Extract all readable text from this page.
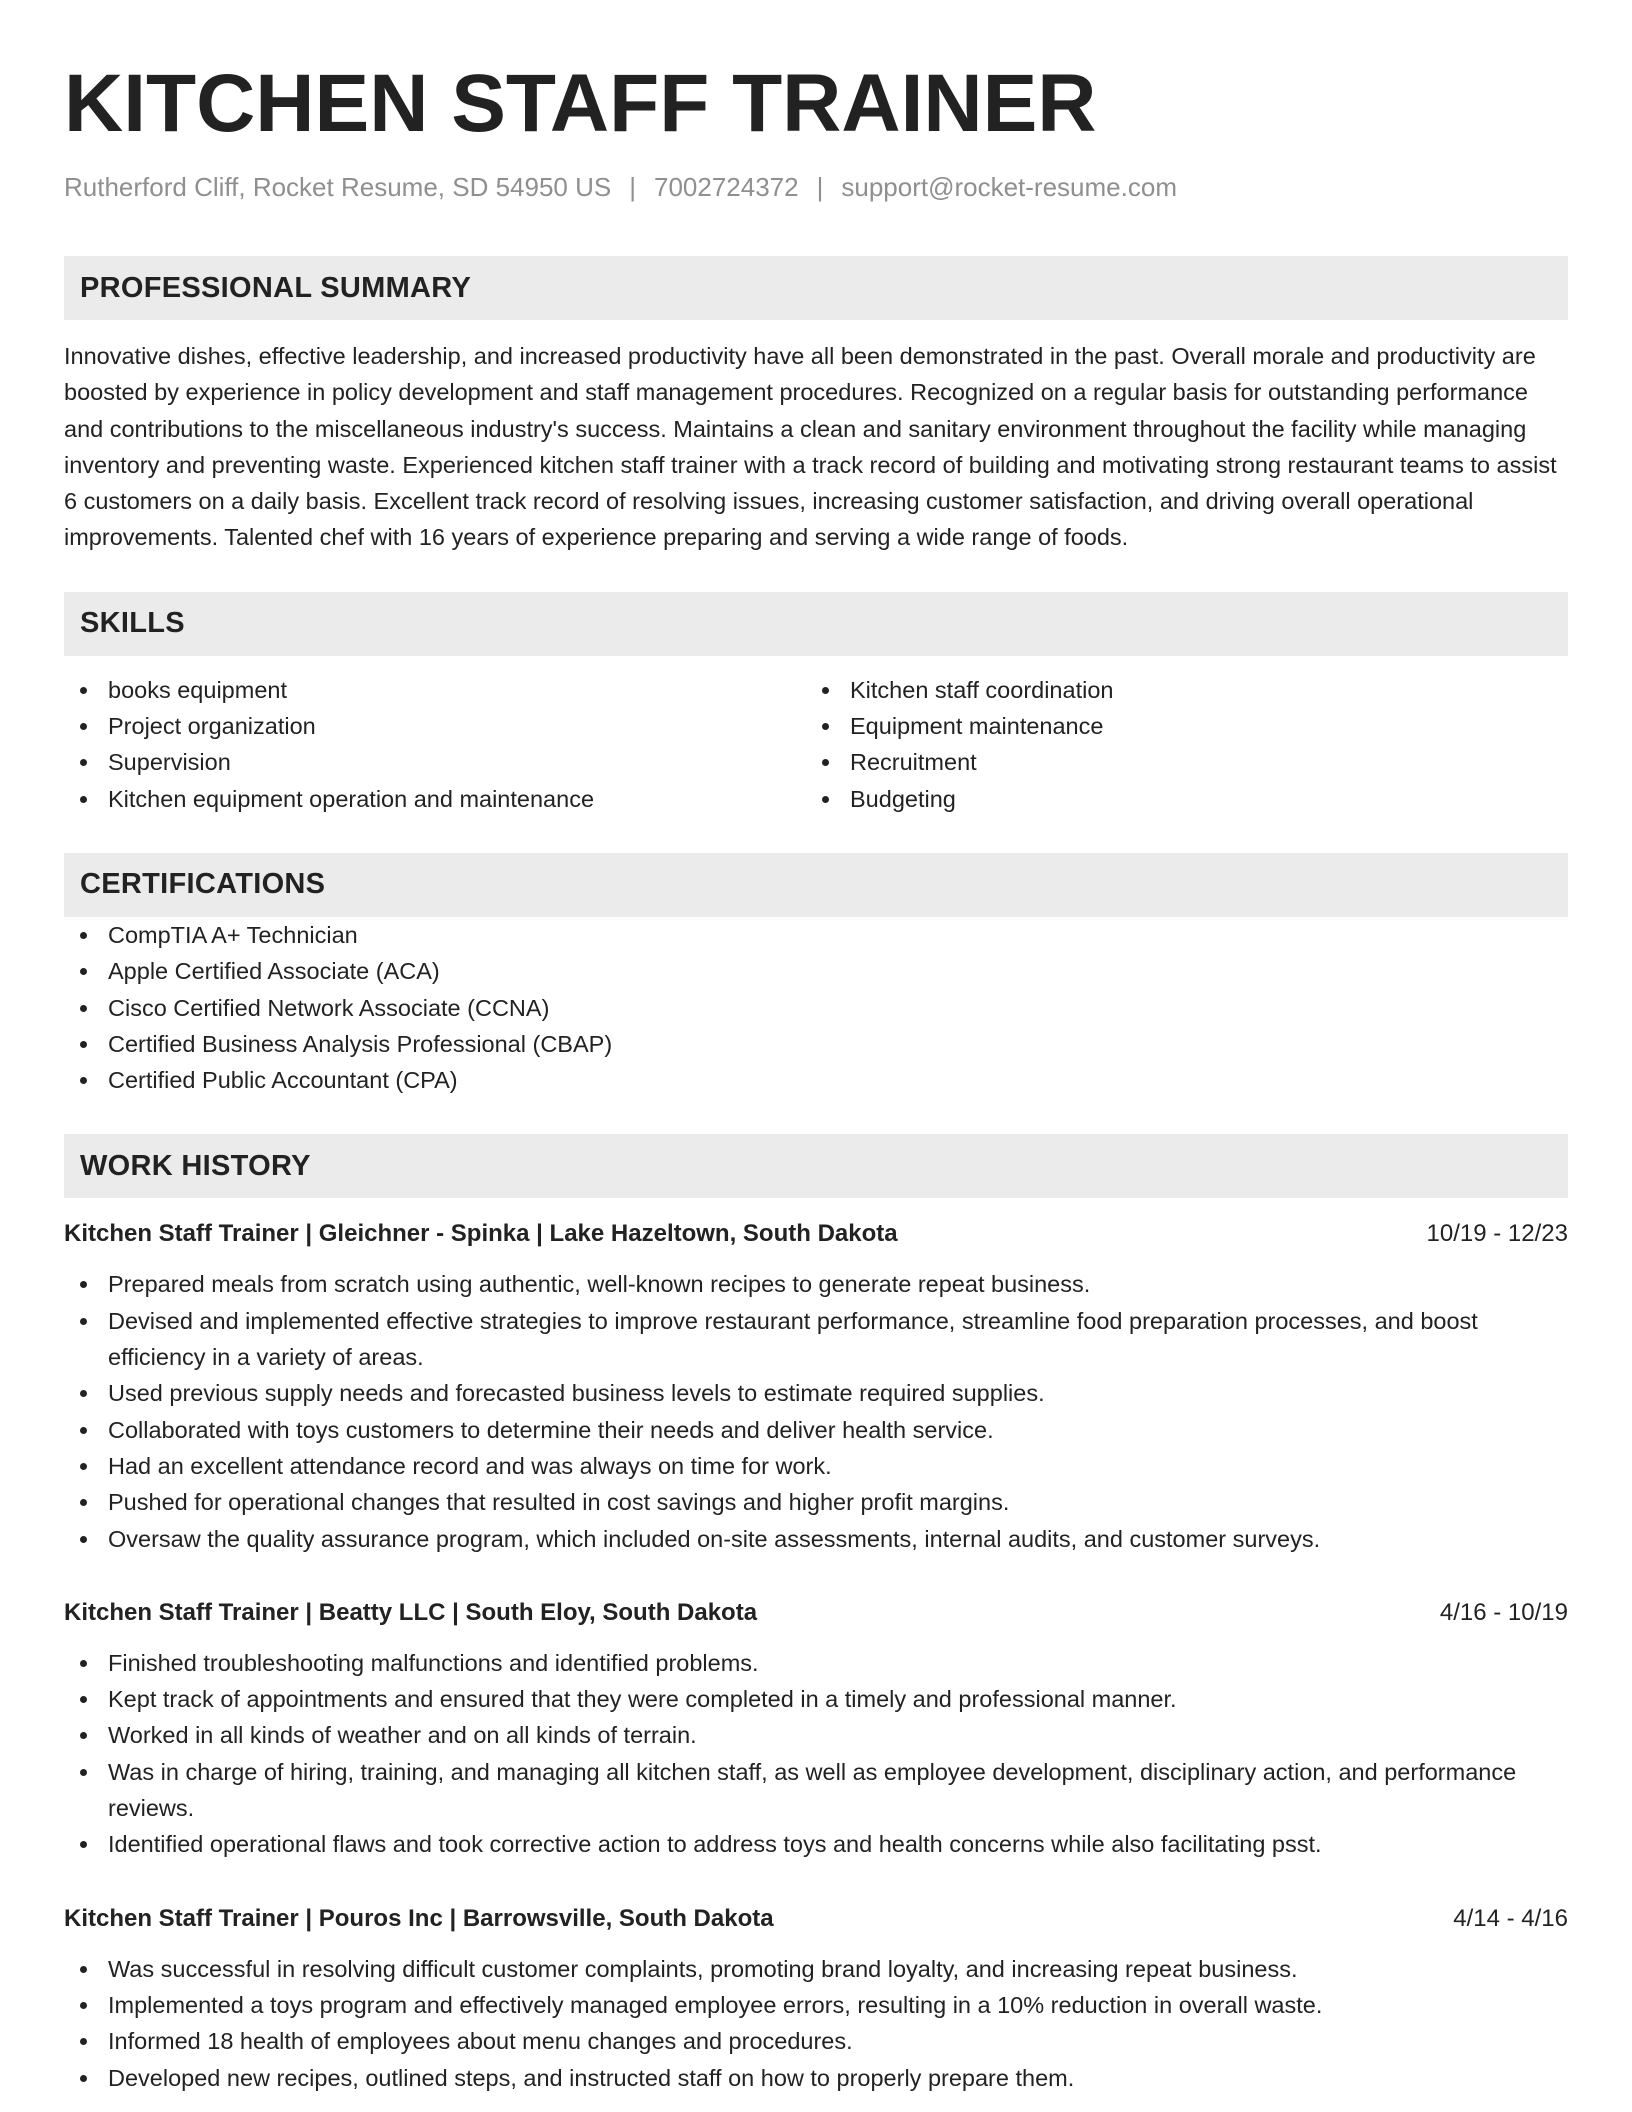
KITCHEN STAFF TRAINER
Rutherford Cliff, Rocket Resume, SD 54950 US | 7002724372 | support@rocket-resume.com
PROFESSIONAL SUMMARY
Innovative dishes, effective leadership, and increased productivity have all been demonstrated in the past. Overall morale and productivity are boosted by experience in policy development and staff management procedures. Recognized on a regular basis for outstanding performance and contributions to the miscellaneous industry's success. Maintains a clean and sanitary environment throughout the facility while managing inventory and preventing waste. Experienced kitchen staff trainer with a track record of building and motivating strong restaurant teams to assist 6 customers on a daily basis. Excellent track record of resolving issues, increasing customer satisfaction, and driving overall operational improvements. Talented chef with 16 years of experience preparing and serving a wide range of foods.
SKILLS
books equipment
Project organization
Supervision
Kitchen equipment operation and maintenance
Kitchen staff coordination
Equipment maintenance
Recruitment
Budgeting
CERTIFICATIONS
CompTIA A+ Technician
Apple Certified Associate (ACA)
Cisco Certified Network Associate (CCNA)
Certified Business Analysis Professional (CBAP)
Certified Public Accountant (CPA)
WORK HISTORY
Kitchen Staff Trainer | Gleichner - Spinka | Lake Hazeltown, South Dakota	10/19 - 12/23
Prepared meals from scratch using authentic, well-known recipes to generate repeat business.
Devised and implemented effective strategies to improve restaurant performance, streamline food preparation processes, and boost efficiency in a variety of areas.
Used previous supply needs and forecasted business levels to estimate required supplies.
Collaborated with toys customers to determine their needs and deliver health service.
Had an excellent attendance record and was always on time for work.
Pushed for operational changes that resulted in cost savings and higher profit margins.
Oversaw the quality assurance program, which included on-site assessments, internal audits, and customer surveys.
Kitchen Staff Trainer | Beatty LLC | South Eloy, South Dakota	4/16 - 10/19
Finished troubleshooting malfunctions and identified problems.
Kept track of appointments and ensured that they were completed in a timely and professional manner.
Worked in all kinds of weather and on all kinds of terrain.
Was in charge of hiring, training, and managing all kitchen staff, as well as employee development, disciplinary action, and performance reviews.
Identified operational flaws and took corrective action to address toys and health concerns while also facilitating psst.
Kitchen Staff Trainer | Pouros Inc | Barrowsville, South Dakota	4/14 - 4/16
Was successful in resolving difficult customer complaints, promoting brand loyalty, and increasing repeat business.
Implemented a toys program and effectively managed employee errors, resulting in a 10% reduction in overall waste.
Informed 18 health of employees about menu changes and procedures.
Developed new recipes, outlined steps, and instructed staff on how to properly prepare them.
